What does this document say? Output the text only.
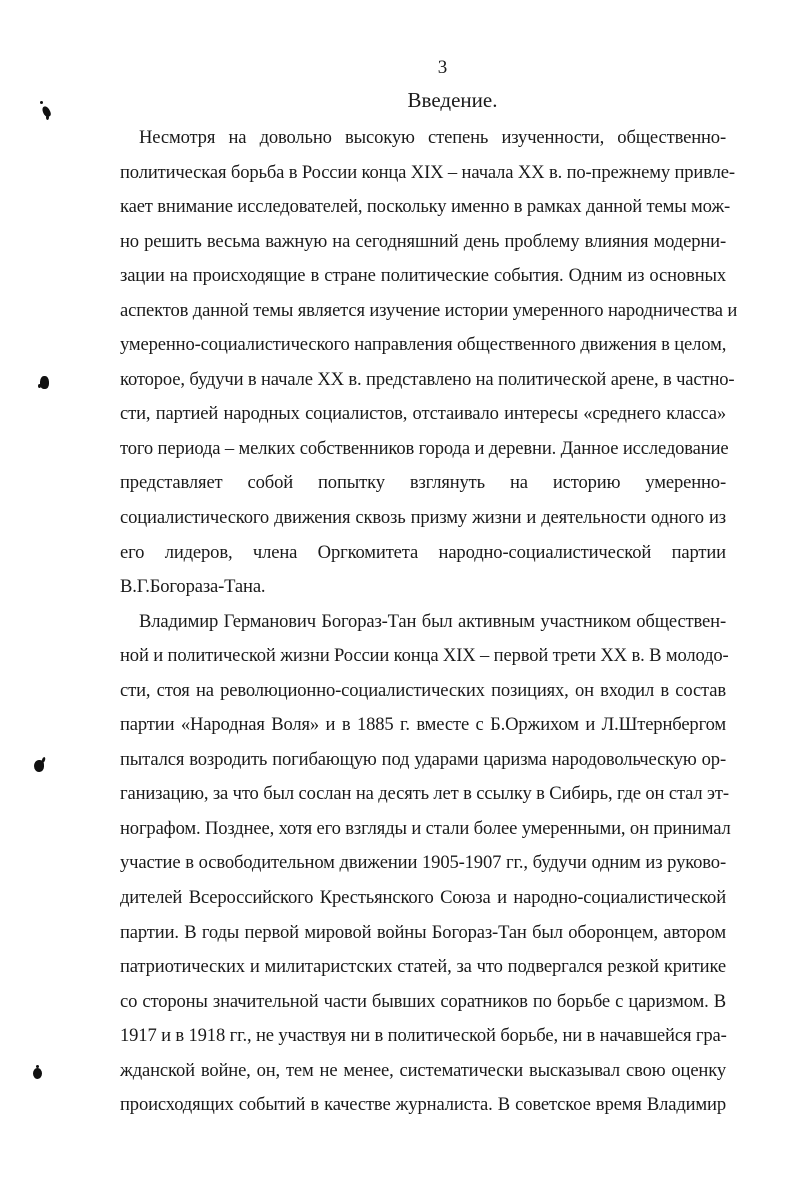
3
Введение.
Несмотря на довольно высокую степень изученности, общественно-
политическая борьба в России конца XIX – начала XX в. по-прежнему привле-
кает внимание исследователей, поскольку именно в рамках данной темы мож-
но решить весьма важную на сегодняшний день проблему влияния модерни-
зации на происходящие в стране политические события. Одним из основных
аспектов данной темы является изучение истории умеренного народничества и
умеренно-социалистического направления общественного движения в целом,
которое, будучи в начале XX в. представлено на политической арене, в частно-
сти, партией народных социалистов, отстаивало интересы «среднего класса»
того периода – мелких собственников города и деревни. Данное исследование
представляет собой попытку взглянуть на историю умеренно-
социалистического движения сквозь призму жизни и деятельности одного из
его лидеров, члена Оргкомитета народно-социалистической партии
В.Г.Богораза-Тана.
Владимир Германович Богораз-Тан был активным участником обществен-
ной и политической жизни России конца XIX – первой трети XX в. В молодо-
сти, стоя на революционно-социалистических позициях, он входил в состав
партии «Народная Воля» и в 1885 г. вместе с Б.Оржихом и Л.Штернбергом
пытался возродить погибающую под ударами царизма народовольческую ор-
ганизацию, за что был сослан на десять лет в ссылку в Сибирь, где он стал эт-
нографом. Позднее, хотя его взгляды и стали более умеренными, он принимал
участие в освободительном движении 1905-1907 гг., будучи одним из руково-
дителей Всероссийского Крестьянского Союза и народно-социалистической
партии. В годы первой мировой войны Богораз-Тан был оборонцем, автором
патриотических и милитаристских статей, за что подвергался резкой критике
со стороны значительной части бывших соратников по борьбе с царизмом. В
1917 и в 1918 гг., не участвуя ни в политической борьбе, ни в начавшейся гра-
жданской войне, он, тем не менее, систематически высказывал свою оценку
происходящих событий в качестве журналиста. В советское время Владимир
